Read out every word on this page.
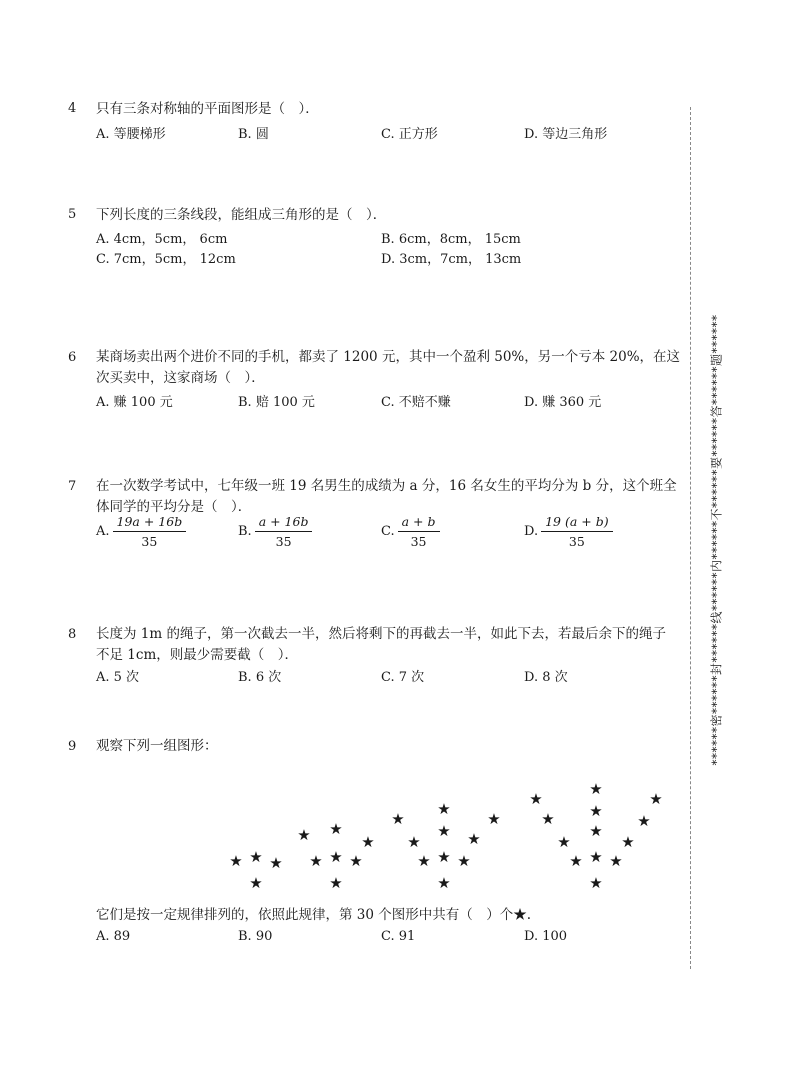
******密******封******线******内******不******要******答******题******
4 只有三条对称轴的平面图形是（　）．
A. 等腰梯形	B. 圆	C. 正方形	D. 等边三角形
5 下列长度的三条线段，能组成三角形的是（　）．
A. 4cm，5cm， 6cm	B. 6cm，8cm， 15cm
C. 7cm，5cm， 12cm	D. 3cm，7cm， 13cm
6 某商场卖出两个进价不同的手机，都卖了 1200 元，其中一个盈利 50%，另一个亏本 20%，在这
次买卖中，这家商场（　）．
A. 赚 100 元	B. 赔 100 元	C. 不赔不赚	D. 赚 360 元
7 在一次数学考试中，七年级一班 19 名男生的成绩为 a 分，16 名女生的平均分为 b 分，这个班全
体同学的平均分是（　）．
A. $\frac{19a + 16b}{35}$	B. $\frac{a + 16b}{35}$	C. $\frac{a + b}{35}$	D. $\frac{19 (a + b)}{35}$
8 长度为 1m 的绳子，第一次截去一半，然后将剩下的再截去一半，如此下去，若最后余下的绳子
不足 1cm，则最少需要截（　）．
A. 5 次	B. 6 次	C. 7 次	D. 8 次
9 观察下列一组图形：
★ ★ ★
★
★ ★
★ ★ ★
★
★
★
★
★
★
★ ★ ★
★
★
★
★
★
★
★
★
★
★ ★ ★
★
★
★
★
它们是按一定规律排列的，依照此规律，第 30 个图形中共有（　）个★.
A. 89	B. 90	C. 91	D. 100
